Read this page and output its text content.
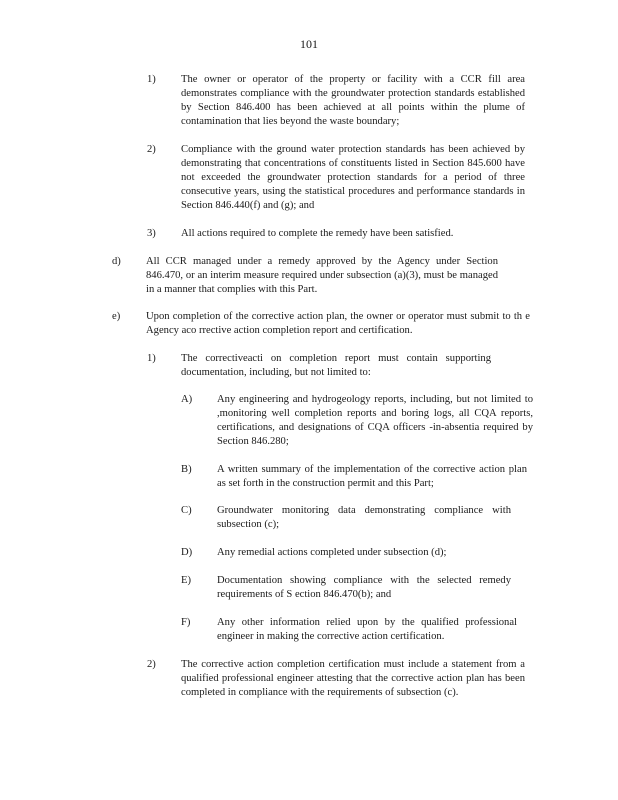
101
1) The owner or operator of the property or facility with a CCR fill area demonstrates compliance with the groundwater protection standards established by Section 846.400 has been achieved at all points within the plume of contamination that lies beyond the waste boundary;
2) Compliance with the ground water protection standards has been achieved by demonstrating that concentrations of constituents listed in Section 845.600 have not exceeded the groundwater protection standards for a period of three consecutive years, using the statistical procedures and performance standards in Section 846.440(f) and (g); and
3) All actions required to complete the remedy have been satisfied.
d) All CCR managed under a remedy approved by the Agency under Section 846.470, or an interim measure required under subsection (a)(3), must be managed in a manner that complies with this Part.
e) Upon completion of the corrective action plan, the owner or operator must submit to th e Agency aco rrective action completion report and certification.
1) The correctiveacti on completion report must contain supporting documentation, including, but not limited to:
A) Any engineering and hydrogeology reports, including, but not limited to ,monitoring well completion reports and boring logs, all CQA reports, certifications, and designations of CQA officers -in-absentia required by Section 846.280;
B) A written summary of the implementation of the corrective action plan as set forth in the construction permit and this Part;
C) Groundwater monitoring data demonstrating compliance with subsection (c);
D) Any remedial actions completed under subsection (d);
E) Documentation showing compliance with the selected remedy requirements of S ection 846.470(b); and
F)	Any other information relied upon by the qualified professional engineer in making the corrective action certification.
2) The corrective action completion certification must include a statement from a qualified professional engineer attesting that the corrective action plan has been completed in compliance with the requirements of subsection (c).
